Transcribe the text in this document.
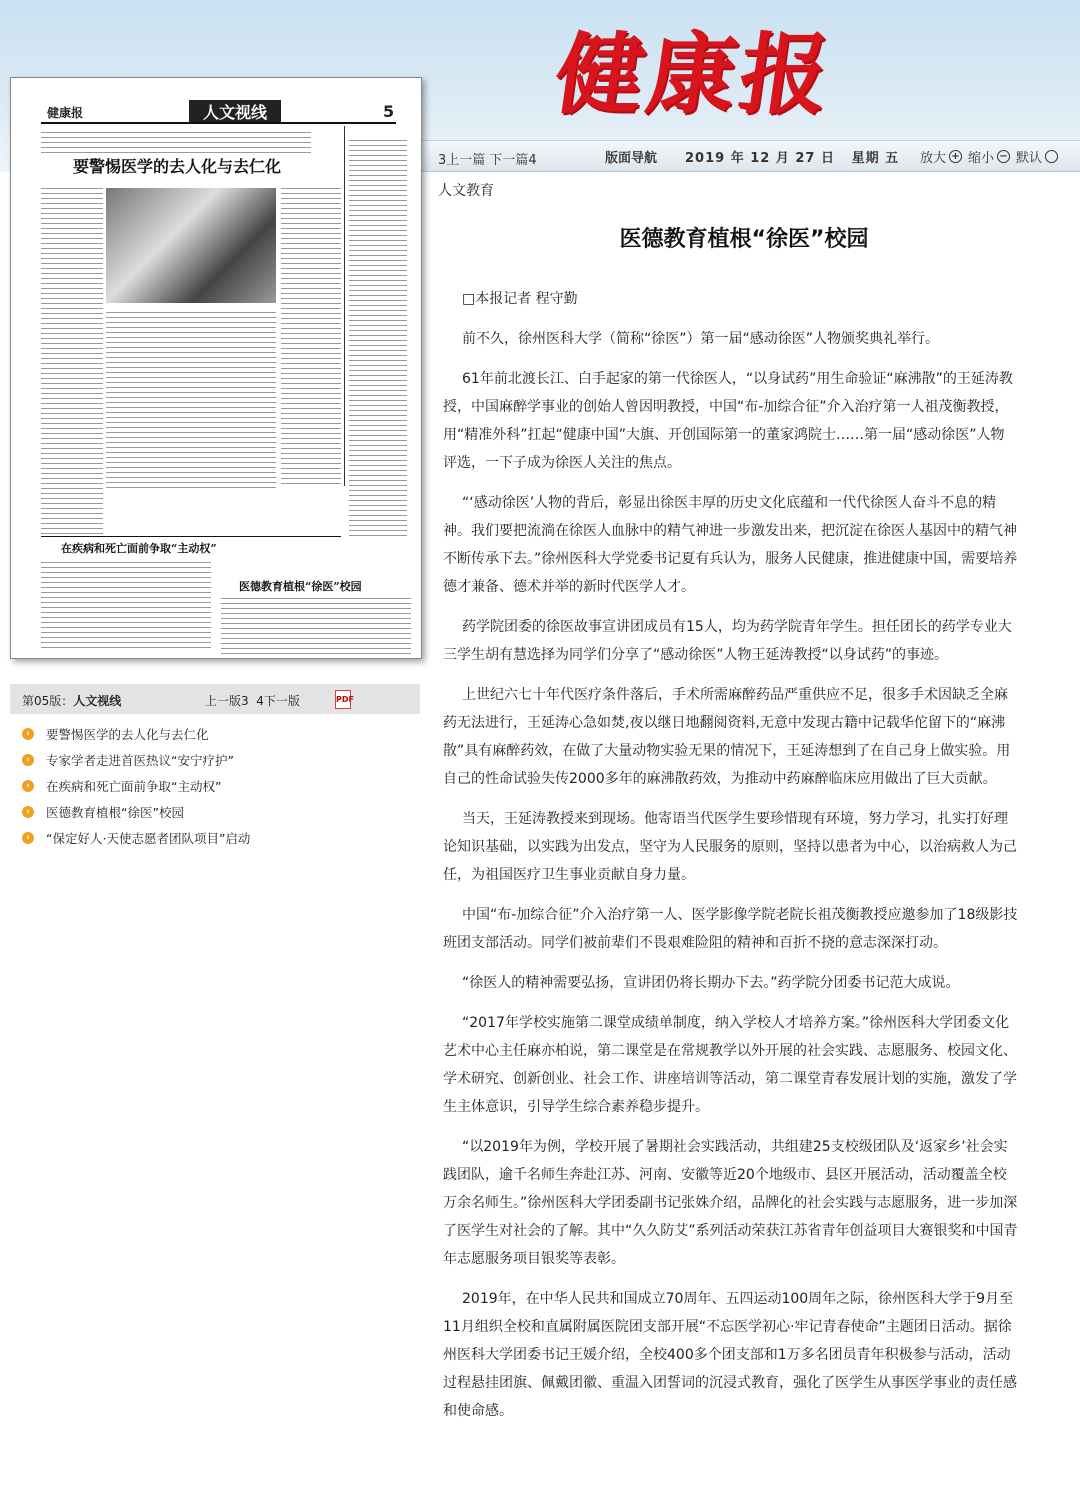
健康报
3上一篇 下一篇4	版面导航 2019 年 12 月 27 日 星期 五 放大 + 缩小 − 默认
健康报	人文视线	5
要警惕医学的去人化与去仁化
在疾病和死亡面前争取“主动权”
医德教育植根“徐医”校园
第05版：人文视线	上一版3 4下一版	PDF
›	要警惕医学的去人化与去仁化
›	专家学者走进首医热议“安宁疗护”
›	在疾病和死亡面前争取“主动权”
›	医德教育植根“徐医”校园
›	“保定好人·天使志愿者团队项目”启动
人文教育
医德教育植根“徐医”校园

□本报记者 程守勤

前不久，徐州医科大学（简称“徐医”）第一届“感动徐医”人物颁奖典礼举行。

61年前北渡长江、白手起家的第一代徐医人，“以身试药”用生命验证“麻沸散”的王延涛教授，中国麻醉学事业的创始人曾因明教授，中国“布-加综合征”介入治疗第一人祖茂衡教授，用“精准外科”扛起“健康中国”大旗、开创国际第一的董家鸿院士……第一届“感动徐医”人物评选，一下子成为徐医人关注的焦点。

“‘感动徐医’人物的背后，彰显出徐医丰厚的历史文化底蕴和一代代徐医人奋斗不息的精神。我们要把流淌在徐医人血脉中的精气神进一步激发出来，把沉淀在徐医人基因中的精气神不断传承下去。”徐州医科大学党委书记夏有兵认为，服务人民健康，推进健康中国，需要培养德才兼备、德术并举的新时代医学人才。

药学院团委的徐医故事宣讲团成员有15人，均为药学院青年学生。担任团长的药学专业大三学生胡有慧选择为同学们分享了“感动徐医”人物王延涛教授“以身试药”的事迹。

上世纪六七十年代医疗条件落后，手术所需麻醉药品严重供应不足，很多手术因缺乏全麻药无法进行，王延涛心急如焚,夜以继日地翻阅资料,无意中发现古籍中记载华佗留下的“麻沸散”具有麻醉药效，在做了大量动物实验无果的情况下，王延涛想到了在自己身上做实验。用自己的性命试验失传2000多年的麻沸散药效，为推动中药麻醉临床应用做出了巨大贡献。

当天，王延涛教授来到现场。他寄语当代医学生要珍惜现有环境，努力学习，扎实打好理论知识基础，以实践为出发点，坚守为人民服务的原则，坚持以患者为中心，以治病救人为己任，为祖国医疗卫生事业贡献自身力量。

中国“布-加综合征”介入治疗第一人、医学影像学院老院长祖茂衡教授应邀参加了18级影技班团支部活动。同学们被前辈们不畏艰难险阻的精神和百折不挠的意志深深打动。

“徐医人的精神需要弘扬，宣讲团仍将长期办下去。”药学院分团委书记范大成说。

“2017年学校实施第二课堂成绩单制度，纳入学校人才培养方案。”徐州医科大学团委文化艺术中心主任麻亦柏说，第二课堂是在常规教学以外开展的社会实践、志愿服务、校园文化、学术研究、创新创业、社会工作、讲座培训等活动，第二课堂青春发展计划的实施，激发了学生主体意识，引导学生综合素养稳步提升。

“以2019年为例，学校开展了暑期社会实践活动，共组建25支校级团队及‘返家乡’社会实践团队，逾千名师生奔赴江苏、河南、安徽等近20个地级市、县区开展活动，活动覆盖全校万余名师生。”徐州医科大学团委副书记张姝介绍，品牌化的社会实践与志愿服务，进一步加深了医学生对社会的了解。其中“久久防艾”系列活动荣获江苏省青年创益项目大赛银奖和中国青年志愿服务项目银奖等表彰。

2019年，在中华人民共和国成立70周年、五四运动100周年之际，徐州医科大学于9月至11月组织全校和直属附属医院团支部开展“不忘医学初心·牢记青春使命”主题团日活动。据徐州医科大学团委书记王媛介绍，全校400多个团支部和1万多名团员青年积极参与活动，活动过程悬挂团旗、佩戴团徽、重温入团誓词的沉浸式教育，强化了医学生从事医学事业的责任感和使命感。
